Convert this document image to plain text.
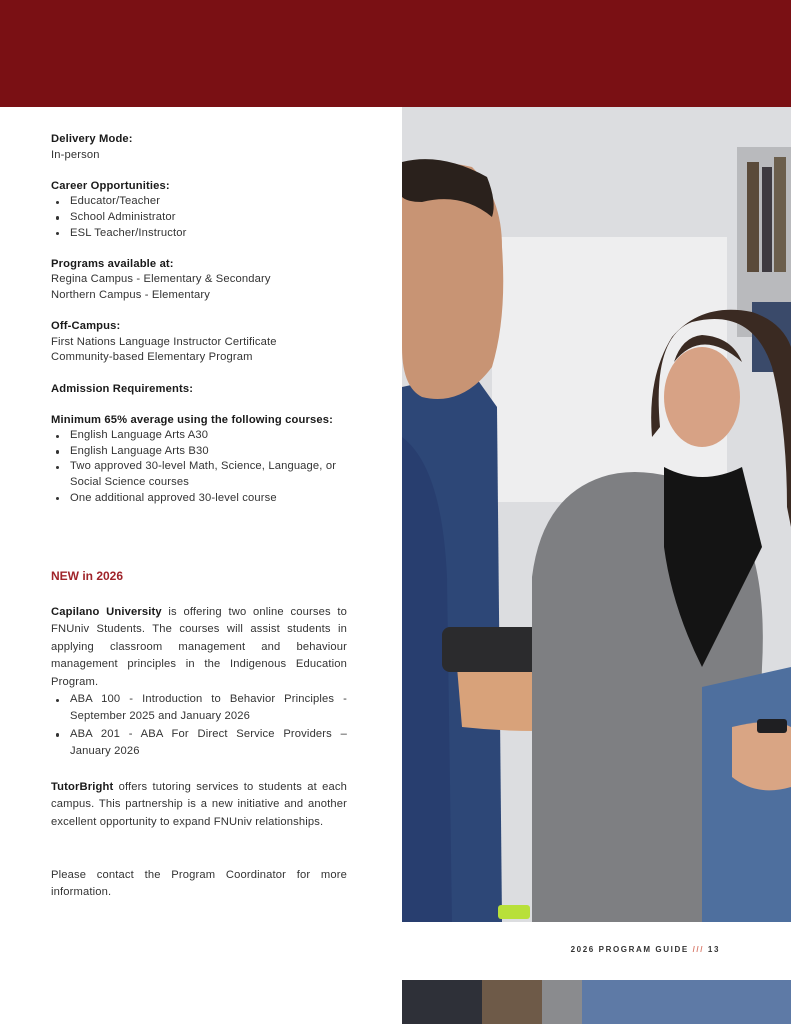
Delivery Mode:

In-person

Career Opportunities:

Educator/Teacher
School Administrator
ESL Teacher/Instructor

Programs available at:

Regina Campus - Elementary & Secondary

Northern Campus - Elementary

Off-Campus:

First Nations Language Instructor Certificate

Community-based Elementary Program

Admission Requirements:

Minimum 65% average using the following courses:

English Language Arts A30
English Language Arts B30
Two approved 30-level Math, Science, Language, or Social Science courses
One additional approved 30-level course

NEW in 2026

Capilano University is offering two online courses to FNUniv Students. The courses will assist students in applying classroom management and behaviour management principles in the Indigenous Education Program.
ABA 100 - Introduction to Behavior Principles - September 2025 and January 2026
ABA 201 - ABA For Direct Service Providers – January 2026
TutorBright offers tutoring services to students at each campus. This partnership is a new initiative and another excellent opportunity to expand FNUniv relationships.

Please contact the Program Coordinator for more information.

2026 PROGRAM GUIDE /// 13
